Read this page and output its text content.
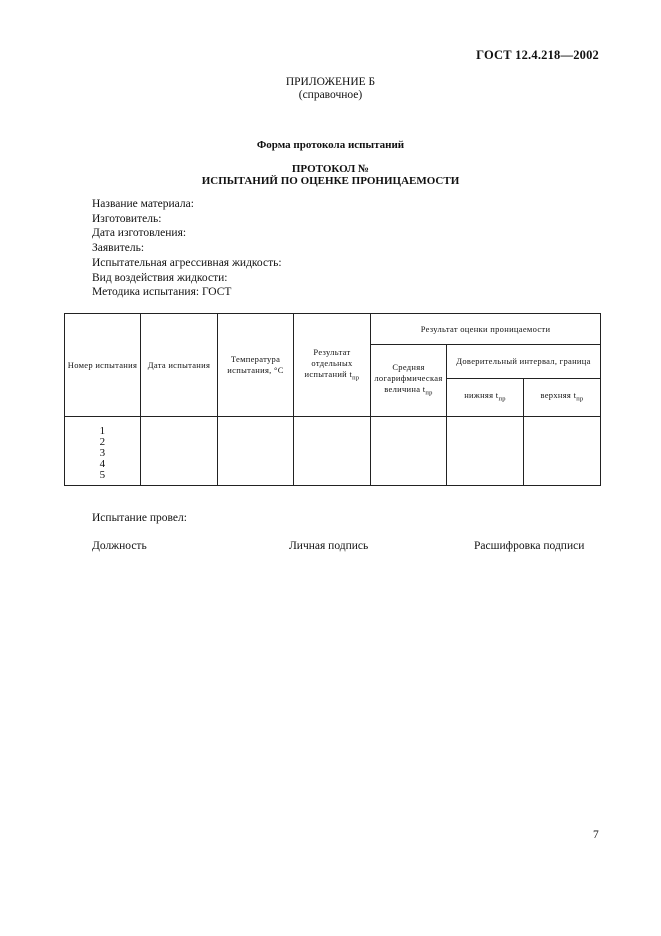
ГОСТ 12.4.218—2002
ПРИЛОЖЕНИЕ Б
(справочное)
Форма протокола испытаний
ПРОТОКОЛ №
ИСПЫТАНИЙ ПО ОЦЕНКЕ ПРОНИЦАЕМОСТИ
Название материала:
Изготовитель:
Дата изготовления:
Заявитель:
Испытательная агрессивная жидкость:
Вид воздействия жидкости:
Методика испытания: ГОСТ
Номер испытания	Дата испытания	Температура испытания, °С	Результат отдельных испытаний $t_{пр}$	Результат оценки проницаемости		
				Средняя логарифмическая величина $t_{пр}$	Доверительный интервал, граница	
					нижняя $t_{пр}$	верхняя $t_{пр}$

1
2
3
4
5						

Испытание провел:
Должность	Личная подпись	Расшифровка подписи
7
